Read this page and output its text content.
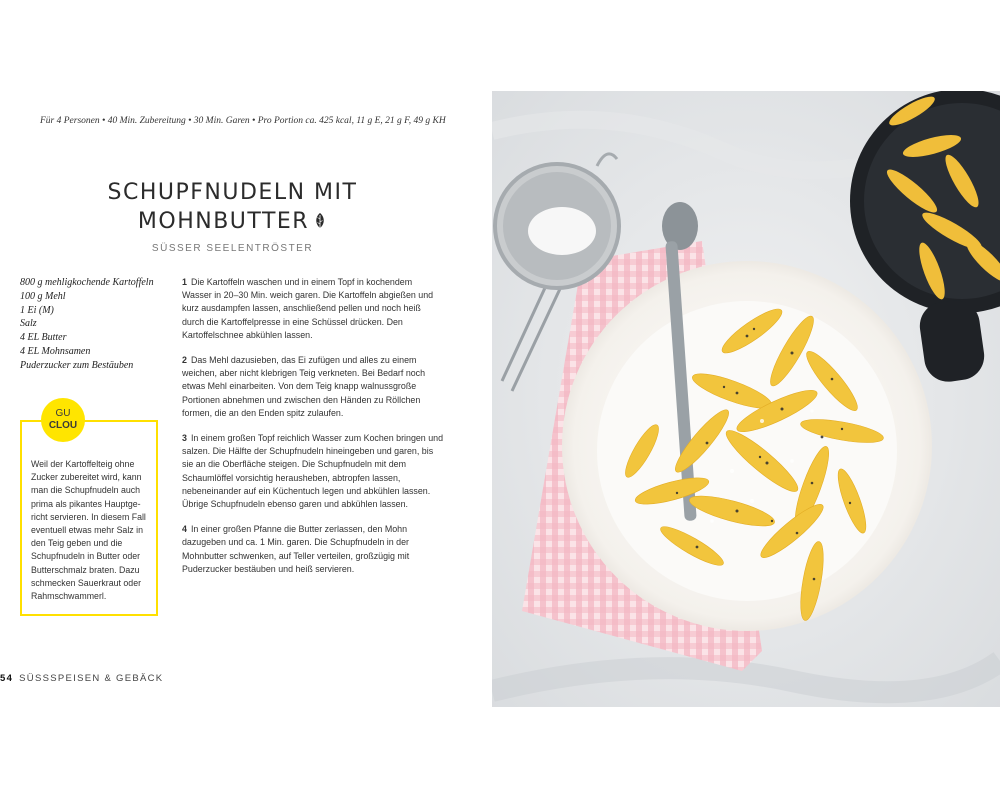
Für 4 Personen • 40 Min. Zubereitung • 30 Min. Garen • Pro Portion ca. 425 kcal, 11 g E, 21 g F, 49 g KH
SCHUPFNUDELN MIT
MOHNBUTTER
SÜSSER SEELENTRÖSTER
800 g mehligkochende Kartoffeln
100 g Mehl
1 Ei (M)
Salz
4 EL Butter
4 EL Mohnsamen
Puderzucker zum Bestäuben
GU
CLOU
Weil der Kartoffelteig ohne Zucker zubereitet wird, kann man die Schupfnudeln auch prima als pikantes Hauptge-richt servieren. In diesem Fall eventuell etwas mehr Salz in den Teig geben und die Schupfnudeln in Butter oder Butterschmalz braten. Dazu schmecken Sauerkraut oder Rahmschwammerl.
1 Die Kartoffeln waschen und in einem Topf in kochendem Wasser in 20–30 Min. weich garen. Die Kartoffeln abgießen und kurz ausdampfen lassen, anschließend pellen und noch heiß durch die Kartoffelpresse in eine Schüssel drücken. Den Kartoffelschnee abkühlen lassen.
2 Das Mehl dazusieben, das Ei zufügen und alles zu einem weichen, aber nicht klebrigen Teig verkneten. Bei Bedarf noch etwas Mehl einarbeiten. Von dem Teig knapp walnussgroße Portionen abnehmen und zwischen den Händen zu Röllchen formen, die an den Enden spitz zulaufen.
3 In einem großen Topf reichlich Wasser zum Kochen bringen und salzen. Die Hälfte der Schupfnudeln hineingeben und garen, bis sie an die Oberfläche steigen. Die Schupfnudeln mit dem Schaumlöffel vorsichtig herausheben, abtropfen lassen, nebeneinander auf ein Küchentuch legen und abkühlen lassen. Übrige Schupfnudeln ebenso garen und abkühlen lassen.
4 In einer großen Pfanne die Butter zerlassen, den Mohn dazugeben und ca. 1 Min. garen. Die Schupfnudeln in der Mohnbutter schwenken, auf Teller verteilen, großzügig mit Puderzucker bestäuben und heiß servieren.
54 SÜSSSPEISEN & GEBÄCK
